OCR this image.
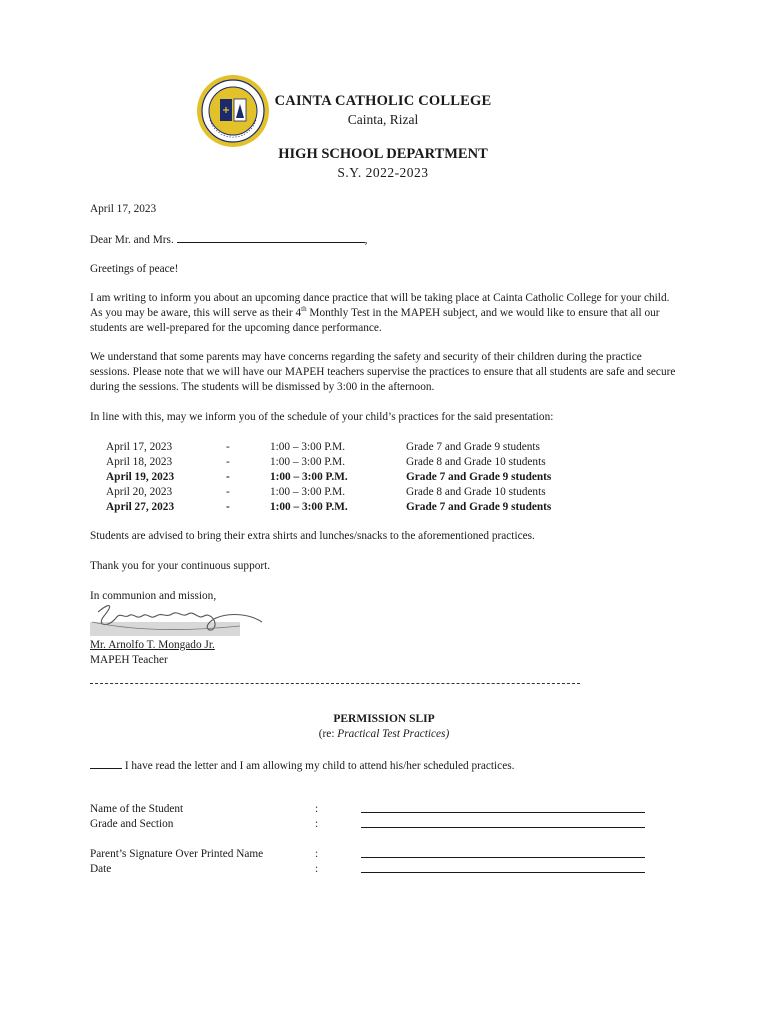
CAINTA CATHOLIC COLLEGE
Cainta, Rizal
HIGH SCHOOL DEPARTMENT
S.Y. 2022-2023
April 17, 2023
Dear Mr. and Mrs.	,
Greetings of peace!
I am writing to inform you about an upcoming dance practice that will be taking place at Cainta Catholic College for your child. As you may be aware, this will serve as their 4th Monthly Test in the MAPEH subject, and we would like to ensure that all our students are well-prepared for the upcoming dance performance.
We understand that some parents may have concerns regarding the safety and security of their children during the practice sessions. Please note that we will have our MAPEH teachers supervise the practices to ensure that all students are safe and secure during the sessions. The students will be dismissed by 3:00 in the afternoon.
In line with this, may we inform you of the schedule of your child’s practices for the said presentation:
April 17, 2023	-	1:00 – 3:00 P.M.	Grade 7 and Grade 9 students
April 18, 2023	-	1:00 – 3:00 P.M.	Grade 8 and Grade 10 students
April 19, 2023	-	1:00 – 3:00 P.M.	Grade 7 and Grade 9 students
April 20, 2023	-	1:00 – 3:00 P.M.	Grade 8 and Grade 10 students
April 27, 2023	-	1:00 – 3:00 P.M.	Grade 7 and Grade 9 students
Students are advised to bring their extra shirts and lunches/snacks to the aforementioned practices.
Thank you for your continuous support.
In communion and mission,
Mr. Arnolfo T. Mongado Jr.
MAPEH Teacher
PERMISSION SLIP
(re: Practical Test Practices)
I have read the letter and I am allowing my child to attend his/her scheduled practices.
Name of the Student	:
Grade and Section	:
Parent’s Signature Over Printed Name	:
Date	:
